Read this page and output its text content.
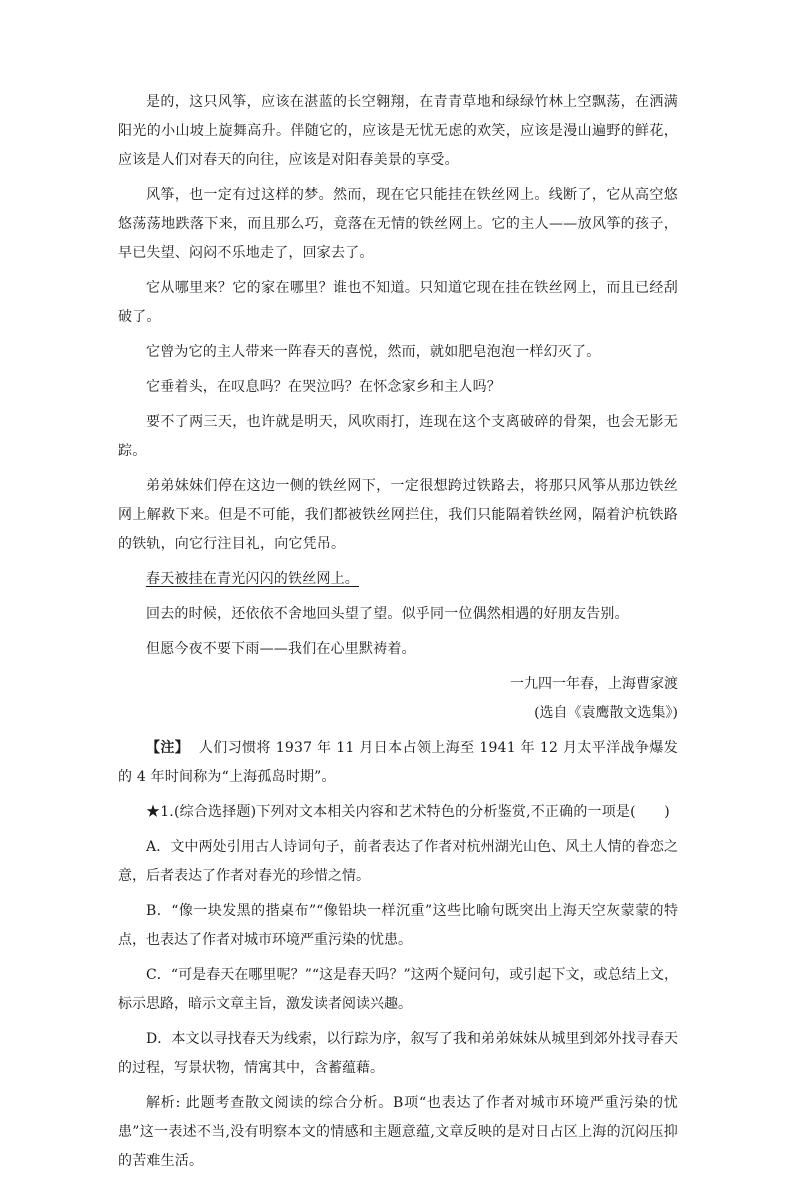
是的，这只风筝，应该在湛蓝的长空翱翔，在青青草地和绿绿竹林上空飘荡，在洒满阳光的小山坡上旋舞高升。伴随它的，应该是无忧无虑的欢笑，应该是漫山遍野的鲜花，应该是人们对春天的向往，应该是对阳春美景的享受。

风筝，也一定有过这样的梦。然而，现在它只能挂在铁丝网上。线断了，它从高空悠悠荡荡地跌落下来，而且那么巧，竟落在无情的铁丝网上。它的主人——放风筝的孩子，早已失望、闷闷不乐地走了，回家去了。

它从哪里来？它的家在哪里？谁也不知道。只知道它现在挂在铁丝网上，而且已经刮破了。

它曾为它的主人带来一阵春天的喜悦，然而，就如肥皂泡泡一样幻灭了。

它垂着头，在叹息吗？在哭泣吗？在怀念家乡和主人吗？

要不了两三天，也许就是明天，风吹雨打，连现在这个支离破碎的骨架，也会无影无踪。

弟弟妹妹们停在这边一侧的铁丝网下，一定很想跨过铁路去，将那只风筝从那边铁丝网上解救下来。但是不可能，我们都被铁丝网拦住，我们只能隔着铁丝网，隔着沪杭铁路的铁轨，向它行注目礼，向它凭吊。

春天被挂在青光闪闪的铁丝网上。

回去的时候，还依依不舍地回头望了望。似乎同一位偶然相遇的好朋友告别。

但愿今夜不要下雨——我们在心里默祷着。

一九四一年春，上海曹家渡

(选自《袁鹰散文选集》)

【注】 人们习惯将 1937 年 11 月日本占领上海至 1941 年 12 月太平洋战争爆发的 4 年时间称为“上海孤岛时期”。

★1.(综合选择题)下列对文本相关内容和艺术特色的分析鉴赏,不正确的一项是(　　)

A．文中两处引用古人诗词句子，前者表达了作者对杭州湖光山色、风土人情的眷恋之意，后者表达了作者对春光的珍惜之情。

B．“像一块发黑的揩桌布”“像铅块一样沉重”这些比喻句既突出上海天空灰蒙蒙的特点，也表达了作者对城市环境严重污染的忧患。

C．“可是春天在哪里呢？”“这是春天吗？”这两个疑问句，或引起下文，或总结上文，标示思路，暗示文章主旨，激发读者阅读兴趣。

D．本文以寻找春天为线索，以行踪为序，叙写了我和弟弟妹妹从城里到郊外找寻春天的过程，写景状物，情寓其中，含蓄蕴藉。

解析: 此题考查散文阅读的综合分析。B项“也表达了作者对城市环境严重污染的忧患”这一表述不当,没有明察本文的情感和主题意蕴,文章反映的是对日占区上海的沉闷压抑的苦难生活。
